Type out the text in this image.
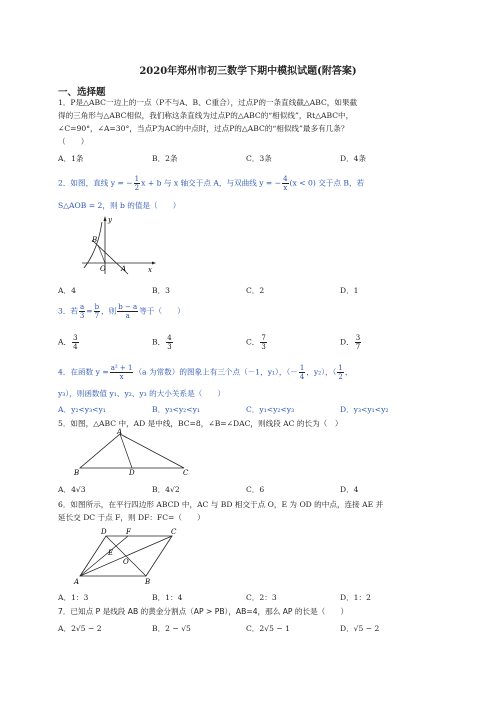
2020年郑州市初三数学下期中模拟试题(附答案)
一、选择题
1．P是△ABC一边上的一点（P不与A、B、C重合），过点P的一条直线截△ABC，如果截
得的三角形与△ABC相似，我们称这条直线为过点P的△ABC的“相似线”，Rt△ABC中，
∠C=90°，∠A=30°，当点P为AC的中点时，过点P的△ABC的“相似线”最多有几条？
（　　）
A．1条	B．2条	C．3条	D．4条
2．如图，直线 y = − $\frac{1}{2}$ x + b 与 x 轴交于点 A，与双曲线 y = − $\frac{4}{x} (x < 0)$ 交于点 B，若
S△AOB = 2，则 b 的值是（　　）
B
O A	x
y
A．4	B．3	C．2	D．1
3．若 $\frac{a}{3} = \frac{b}{7}$ ，则 $\frac{b - a}{a}$ 等于（　　）
A． $\frac{3}{4}$	B． $\frac{4}{3}$	C． $\frac{7}{3}$	D． $\frac{3}{7}$
4．在函数 $y = \frac{\text{a² + 1}}{x} (a$ 为常数）的图象上有三个点（－1，y₁），（－ $\frac{1}{4}$ ，y₂），（ $\frac{1}{2}$ ，
y₃），则函数值 y₁、y₂、y₃ 的大小关系是（　　）
A．y₂<y₃<y₁	B．y₃<y₂<y₁	C．y₁<y₂<y₃	D．y₃<y₁<y₂
5．如图，△ABC 中，AD 是中线，BC=8，∠B=∠DAC，则线段 AC 的长为（　）
A
B	D	C
A．4√3	B．4√2	C．6	D．4
6．如图所示，在平行四边形 ABCD 中，AC 与 BD 相交于点 O，E 为 OD 的中点，连接 AE 并
延长交 DC 于点 F，则 DF：FC=（　　）
D	F	C
E
O
A	B
A．1：3	B．1：4	C．2：3	D．1：2
7．已知点 P 是线段 AB 的黄金分割点（AP > PB），AB=4，那么 AP 的长是（　　）
A．2√5 − 2	B．2 − √5	C．2√5 − 1	D．√5 − 2
